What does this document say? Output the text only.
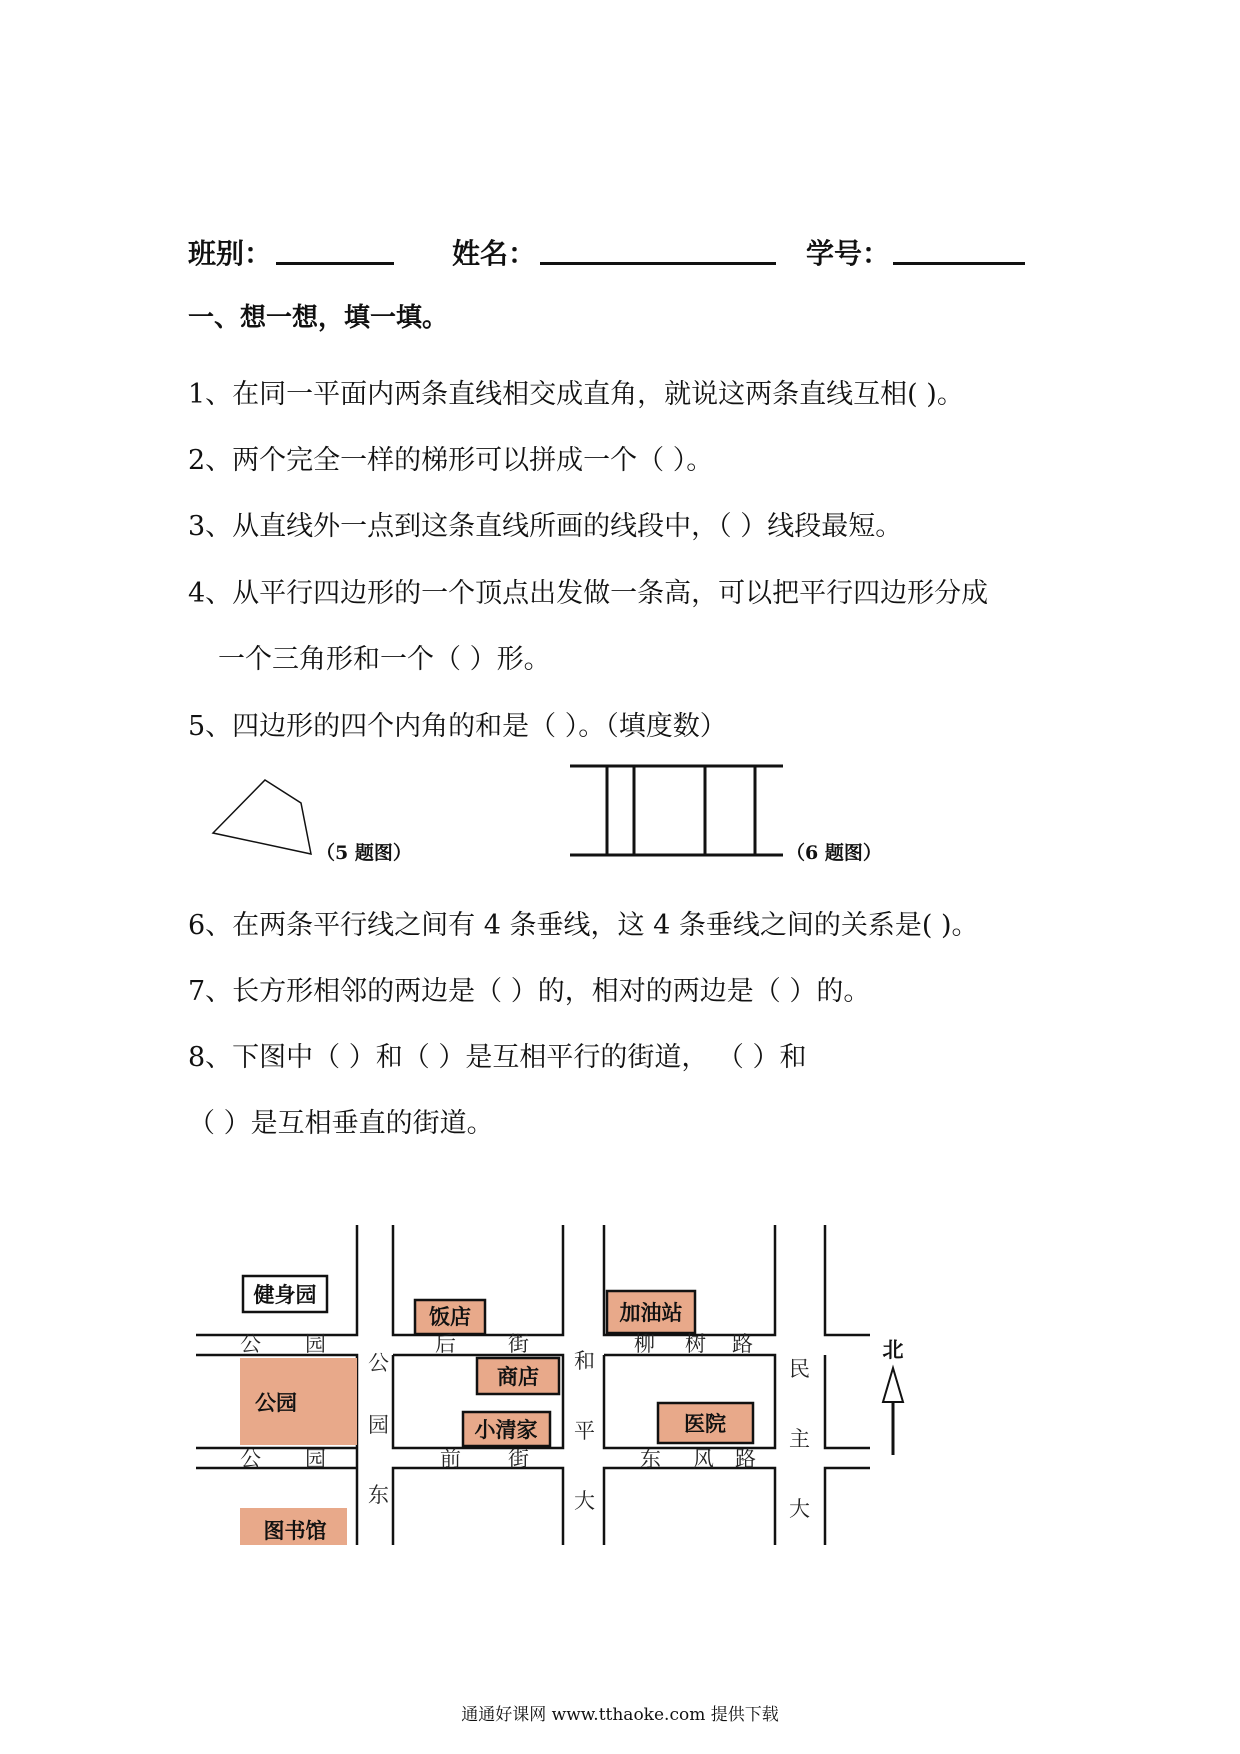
班别：	姓名：	学号：
一、想一想，填一填。
1、在同一平面内两条直线相交成直角，就说这两条直线互相( )。
2、两个完全一样的梯形可以拼成一个（ ）。
3、从直线外一点到这条直线所画的线段中，（ ）线段最短。
4、从平行四边形的一个顶点出发做一条高，可以把平行四边形分成
一个三角形和一个（ ）形。
5、四边形的四个内角的和是（ ）。（填度数）
（5 题图）	（6 题图）
6、在两条平行线之间有 4 条垂线，这 4 条垂线之间的关系是( )。
7、长方形相邻的两边是（ ）的，相对的两边是（ ）的。
8、下图中（ ）和（ ）是互相平行的街道， （ ）和
（ ）是互相垂直的街道。
健身园
公园
饭店	加油站
商店
小清家	医院
图书馆
公 园	后 街	柳 树 路
公 园	前 街	东 风 路
公
园
东
和
平
大
民
主
大
北
通通好课网 www.tthaoke.com 提供下载
